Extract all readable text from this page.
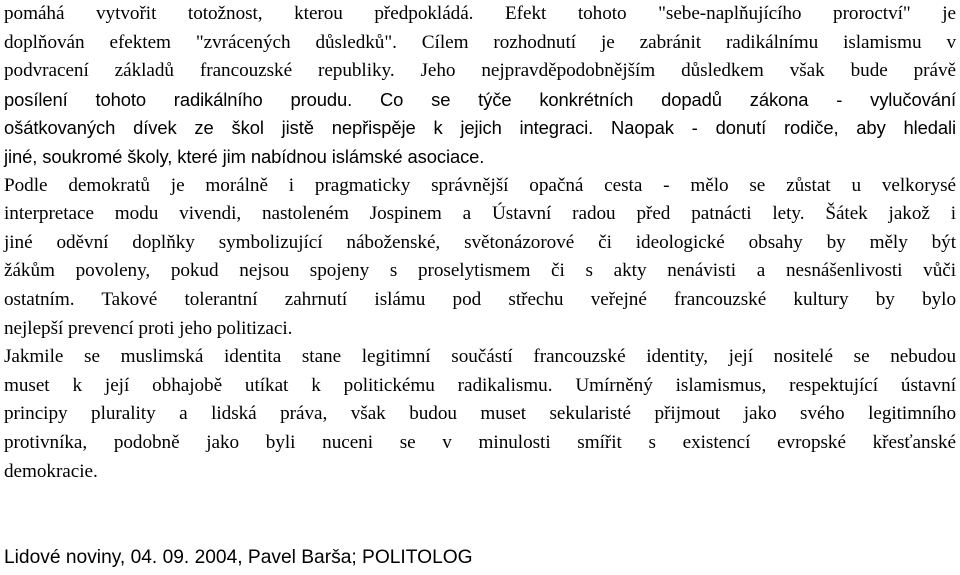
pomáhá vytvořit totožnost, kterou předpokládá. Efekt tohoto "sebe-naplňujícího proroctví" je
doplňován efektem "zvrácených důsledků". Cílem rozhodnutí je zabránit radikálnímu islamismu v
podvracení základů francouzské republiky. Jeho nejpravděpodobnějším důsledkem však bude právě
posílení tohoto radikálního proudu. Co se týče konkrétních dopadů zákona - vylučování
ošátkovaných dívek ze škol jistě nepřispěje k jejich integraci. Naopak - donutí rodiče, aby hledali
jiné, soukromé školy, které jim nabídnou islámské asociace.
Podle demokratů je morálně i pragmaticky správnější opačná cesta - mělo se zůstat u velkorysé
interpretace modu vivendi, nastoleném Jospinem a Ústavní radou před patnácti lety. Šátek jakož i
jiné oděvní doplňky symbolizující náboženské, světonázorové či ideologické obsahy by měly být
žákům povoleny, pokud nejsou spojeny s proselytismem či s akty nenávisti a nesnášenlivosti vůči
ostatním. Takové tolerantní zahrnutí islámu pod střechu veřejné francouzské kultury by bylo
nejlepší prevencí proti jeho politizaci.
Jakmile se muslimská identita stane legitimní součástí francouzské identity, její nositelé se nebudou
muset k její obhajobě utíkat k politickému radikalismu. Umírněný islamismus, respektující ústavní
principy plurality a lidská práva, však budou muset sekularisté přijmout jako svého legitimního
protivníka, podobně jako byli nuceni se v minulosti smířit s existencí evropské křesťanské
demokracie.

Lidové noviny, 04. 09. 2004, Pavel Barša; POLITOLOG
